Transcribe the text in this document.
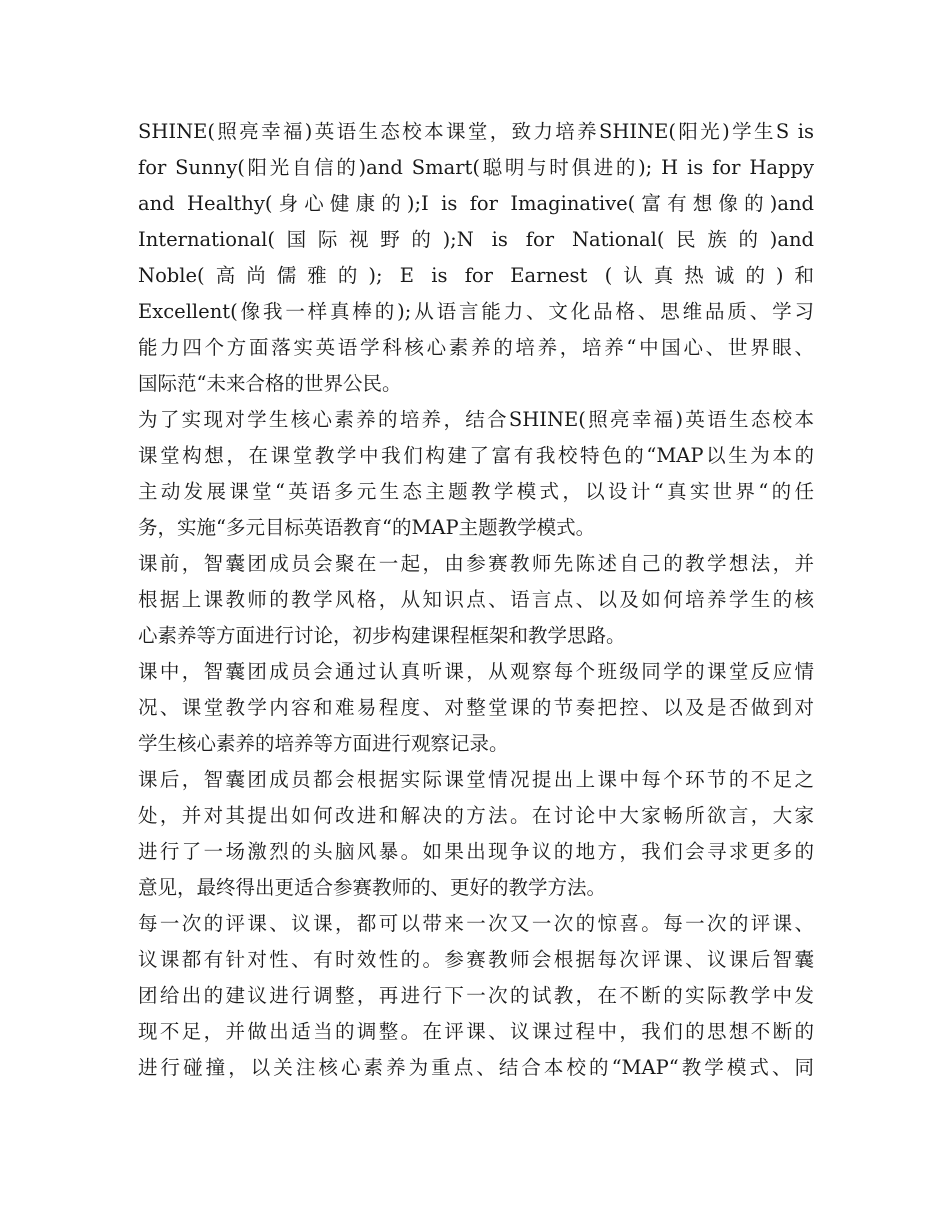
SHINE(照亮幸福)英语生态校本课堂，致力培养SHINE(阳光)学生S is
for Sunny(阳光自信的)and Smart(聪明与时俱进的); H is for Happy
and Healthy(身心健康的);I is for Imaginative(富有想像的)and
International(国际视野的);N is for National(民族的)and
Noble(高尚儒雅的); E is for Earnest (认真热诚的)和
Excellent(像我一样真棒的);从语言能力、文化品格、思维品质、学习
能力四个方面落实英语学科核心素养的培养，培养“中国心、世界眼、
国际范“未来合格的世界公民。
为了实现对学生核心素养的培养，结合SHINE(照亮幸福)英语生态校本
课堂构想，在课堂教学中我们构建了富有我校特色的“MAP以生为本的
主动发展课堂“英语多元生态主题教学模式，以设计“真实世界“的任
务，实施“多元目标英语教育“的MAP主题教学模式。
课前，智囊团成员会聚在一起，由参赛教师先陈述自己的教学想法，并
根据上课教师的教学风格，从知识点、语言点、以及如何培养学生的核
心素养等方面进行讨论，初步构建课程框架和教学思路。
课中，智囊团成员会通过认真听课，从观察每个班级同学的课堂反应情
况、课堂教学内容和难易程度、对整堂课的节奏把控、以及是否做到对
学生核心素养的培养等方面进行观察记录。
课后，智囊团成员都会根据实际课堂情况提出上课中每个环节的不足之
处，并对其提出如何改进和解决的方法。在讨论中大家畅所欲言，大家
进行了一场激烈的头脑风暴。如果出现争议的地方，我们会寻求更多的
意见，最终得出更适合参赛教师的、更好的教学方法。
每一次的评课、议课，都可以带来一次又一次的惊喜。每一次的评课、
议课都有针对性、有时效性的。参赛教师会根据每次评课、议课后智囊
团给出的建议进行调整，再进行下一次的试教，在不断的实际教学中发
现不足，并做出适当的调整。在评课、议课过程中，我们的思想不断的
进行碰撞，以关注核心素养为重点、结合本校的“MAP“教学模式、同
